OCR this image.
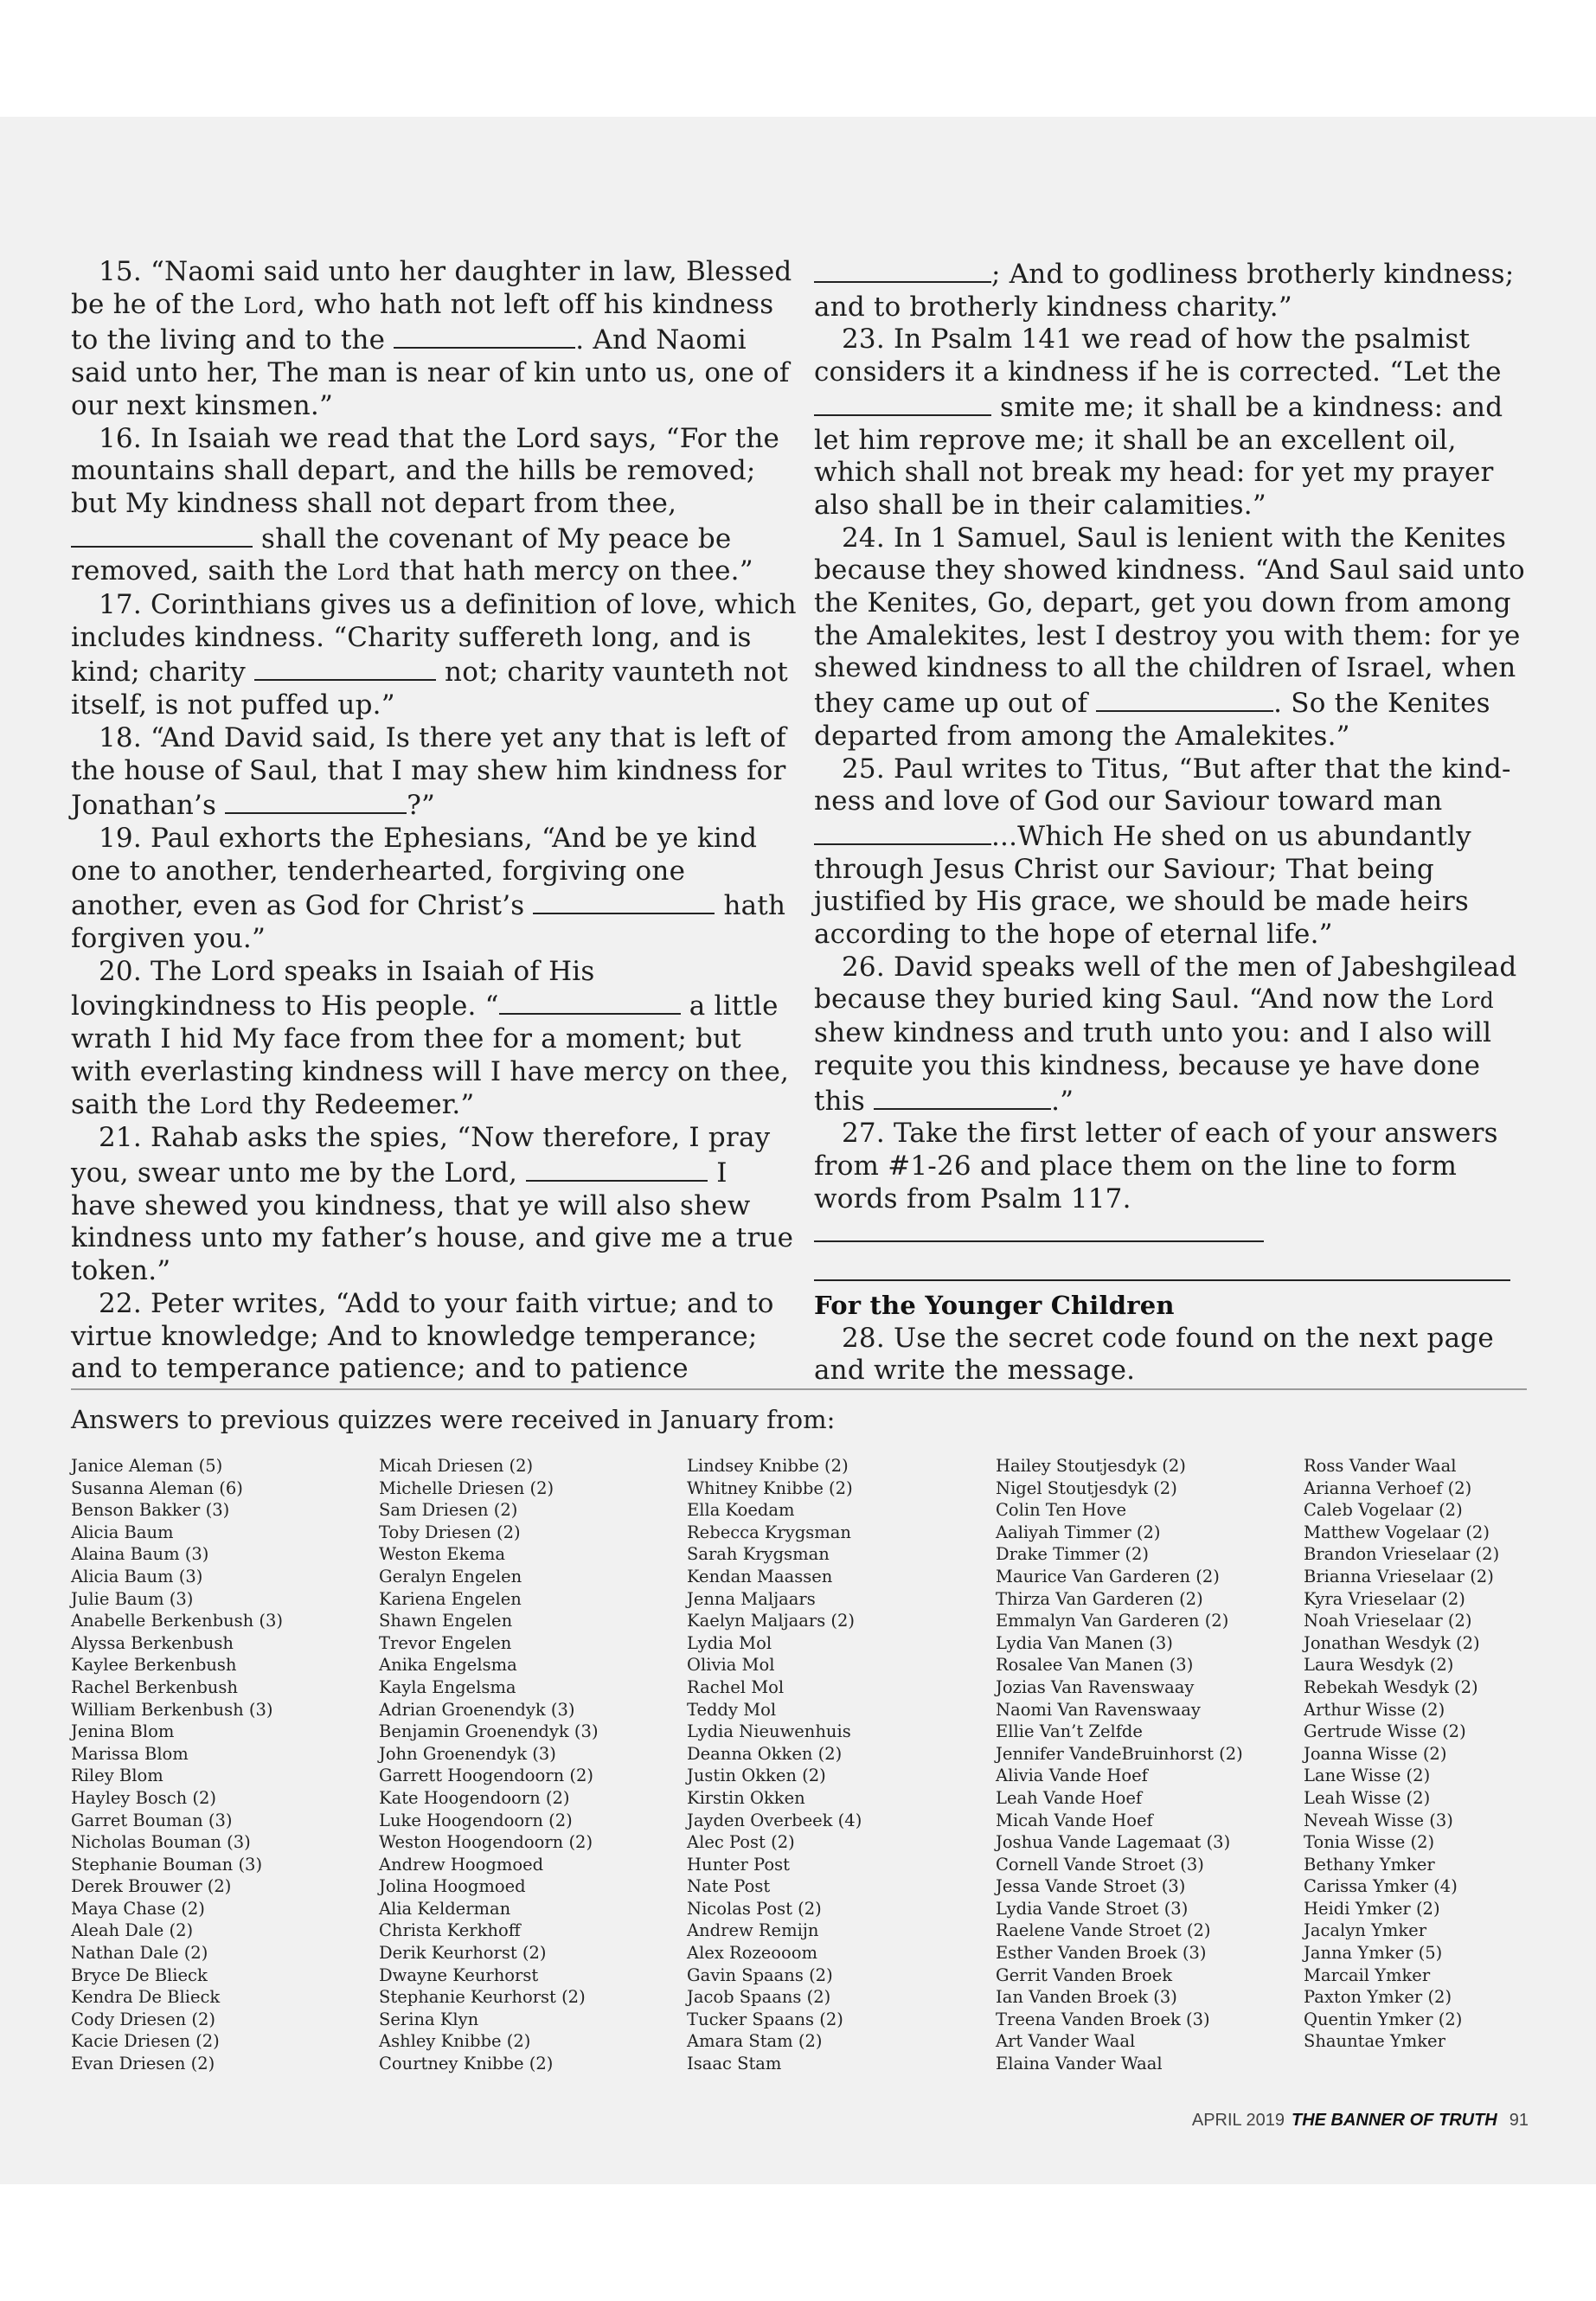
15. “Naomi said unto her daughter in law, Blessed be he of the Lord, who hath not left off his kindness to the living and to the	. And Naomi said unto her, The man is near of kin unto us, one of our next kinsmen.”

16. In Isaiah we read that the Lord says, “For the mountains shall depart, and the hills be removed; but My kindness shall not depart from thee,  shall the covenant of My peace be removed, saith the Lord that hath mercy on thee.”

17. Corinthians gives us a definition of love, which includes kindness. “Charity suffereth long, and is kind; charity	not; charity vaunteth not itself, is not puffed up.”

18. “And David said, Is there yet any that is left of the house of Saul, that I may shew him kindness for Jonathan’s	?”

19. Paul exhorts the Ephesians, “And be ye kind one to another, tenderhearted, forgiving one another, even as God for Christ’s	hath forgiven you.”

20. The Lord speaks in Isaiah of His lovingkindness to His people. “	a little wrath I hid My face from thee for a moment; but with everlasting kindness will I have mercy on thee, saith the Lord thy Redeemer.”

21. Rahab asks the spies, “Now therefore, I pray you, swear unto me by the Lord,	I have shewed you kindness, that ye will also shew kindness unto my father’s house, and give me a true token.”

22. Peter writes, “Add to your faith virtue; and to virtue knowledge; And to knowledge temperance; and to temperance patience; and to patience

; And to godliness brotherly kindness; and to brotherly kindness charity.”

23. In Psalm 141 we read of how the psalmist considers it a kindness if he is corrected. “Let the  smite me; it shall be a kindness: and let him reprove me; it shall be an excellent oil, which shall not break my head: for yet my prayer also shall be in their calamities.”

24. In 1 Samuel, Saul is lenient with the Kenites because they showed kindness. “And Saul said unto the Kenites, Go, depart, get you down from among the Amalekites, lest I destroy you with them: for ye shewed kindness to all the children of Israel, when they came up out of	. So the Kenites departed from among the Amalekites.”

25. Paul writes to Titus, “But after that the kind-ness and love of God our Saviour toward man ...Which He shed on us abundantly through Jesus Christ our Saviour; That being justified by His grace, we should be made heirs according to the hope of eternal life.”

26. David speaks well of the men of Jabeshgilead because they buried king Saul. “And now the Lord shew kindness and truth unto you: and I also will requite you this kindness, because ye have done this	.”

27. Take the first letter of each of your answers from #1-26 and place them on the line to form words from Psalm 117.

For the Younger Children

28. Use the secret code found on the next page and write the message.

Answers to previous quizzes were received in January from:

Janice Aleman (5)
Susanna Aleman (6)
Benson Bakker (3)
Alicia Baum
Alaina Baum (3)
Alicia Baum (3)
Julie Baum (3)
Anabelle Berkenbush (3)
Alyssa Berkenbush
Kaylee Berkenbush
Rachel Berkenbush
William Berkenbush (3)
Jenina Blom
Marissa Blom
Riley Blom
Hayley Bosch (2)
Garret Bouman (3)
Nicholas Bouman (3)
Stephanie Bouman (3)
Derek Brouwer (2)
Maya Chase (2)
Aleah Dale (2)
Nathan Dale (2)
Bryce De Blieck
Kendra De Blieck
Cody Driesen (2)
Kacie Driesen (2)
Evan Driesen (2)
Micah Driesen (2)
Michelle Driesen (2)
Sam Driesen (2)
Toby Driesen (2)
Weston Ekema
Geralyn Engelen
Kariena Engelen
Shawn Engelen
Trevor Engelen
Anika Engelsma
Kayla Engelsma
Adrian Groenendyk (3)
Benjamin Groenendyk (3)
John Groenendyk (3)
Garrett Hoogendoorn (2)
Kate Hoogendoorn (2)
Luke Hoogendoorn (2)
Weston Hoogendoorn (2)
Andrew Hoogmoed
Jolina Hoogmoed
Alia Kelderman
Christa Kerkhoff
Derik Keurhorst (2)
Dwayne Keurhorst
Stephanie Keurhorst (2)
Serina Klyn
Ashley Knibbe (2)
Courtney Knibbe (2)
Lindsey Knibbe (2)
Whitney Knibbe (2)
Ella Koedam
Rebecca Krygsman
Sarah Krygsman
Kendan Maassen
Jenna Maljaars
Kaelyn Maljaars (2)
Lydia Mol
Olivia Mol
Rachel Mol
Teddy Mol
Lydia Nieuwenhuis
Deanna Okken (2)
Justin Okken (2)
Kirstin Okken
Jayden Overbeek (4)
Alec Post (2)
Hunter Post
Nate Post
Nicolas Post (2)
Andrew Remijn
Alex Rozeooom
Gavin Spaans (2)
Jacob Spaans (2)
Tucker Spaans (2)
Amara Stam (2)
Isaac Stam
Hailey Stoutjesdyk (2)
Nigel Stoutjesdyk (2)
Colin Ten Hove
Aaliyah Timmer (2)
Drake Timmer (2)
Maurice Van Garderen (2)
Thirza Van Garderen (2)
Emmalyn Van Garderen (2)
Lydia Van Manen (3)
Rosalee Van Manen (3)
Jozias Van Ravenswaay
Naomi Van Ravenswaay
Ellie Van’t Zelfde
Jennifer VandeBruinhorst (2)
Alivia Vande Hoef
Leah Vande Hoef
Micah Vande Hoef
Joshua Vande Lagemaat (3)
Cornell Vande Stroet (3)
Jessa Vande Stroet (3)
Lydia Vande Stroet (3)
Raelene Vande Stroet (2)
Esther Vanden Broek (3)
Gerrit Vanden Broek
Ian Vanden Broek (3)
Treena Vanden Broek (3)
Art Vander Waal
Elaina Vander Waal
Ross Vander Waal
Arianna Verhoef (2)
Caleb Vogelaar (2)
Matthew Vogelaar (2)
Brandon Vrieselaar (2)
Brianna Vrieselaar (2)
Kyra Vrieselaar (2)
Noah Vrieselaar (2)
Jonathan Wesdyk (2)
Laura Wesdyk (2)
Rebekah Wesdyk (2)
Arthur Wisse (2)
Gertrude Wisse (2)
Joanna Wisse (2)
Lane Wisse (2)
Leah Wisse (2)
Neveah Wisse (3)
Tonia Wisse (2)
Bethany Ymker
Carissa Ymker (4)
Heidi Ymker (2)
Jacalyn Ymker
Janna Ymker (5)
Marcail Ymker
Paxton Ymker (2)
Quentin Ymker (2)
Shauntae Ymker
APRIL 2019 THE BANNER OF TRUTH 91
